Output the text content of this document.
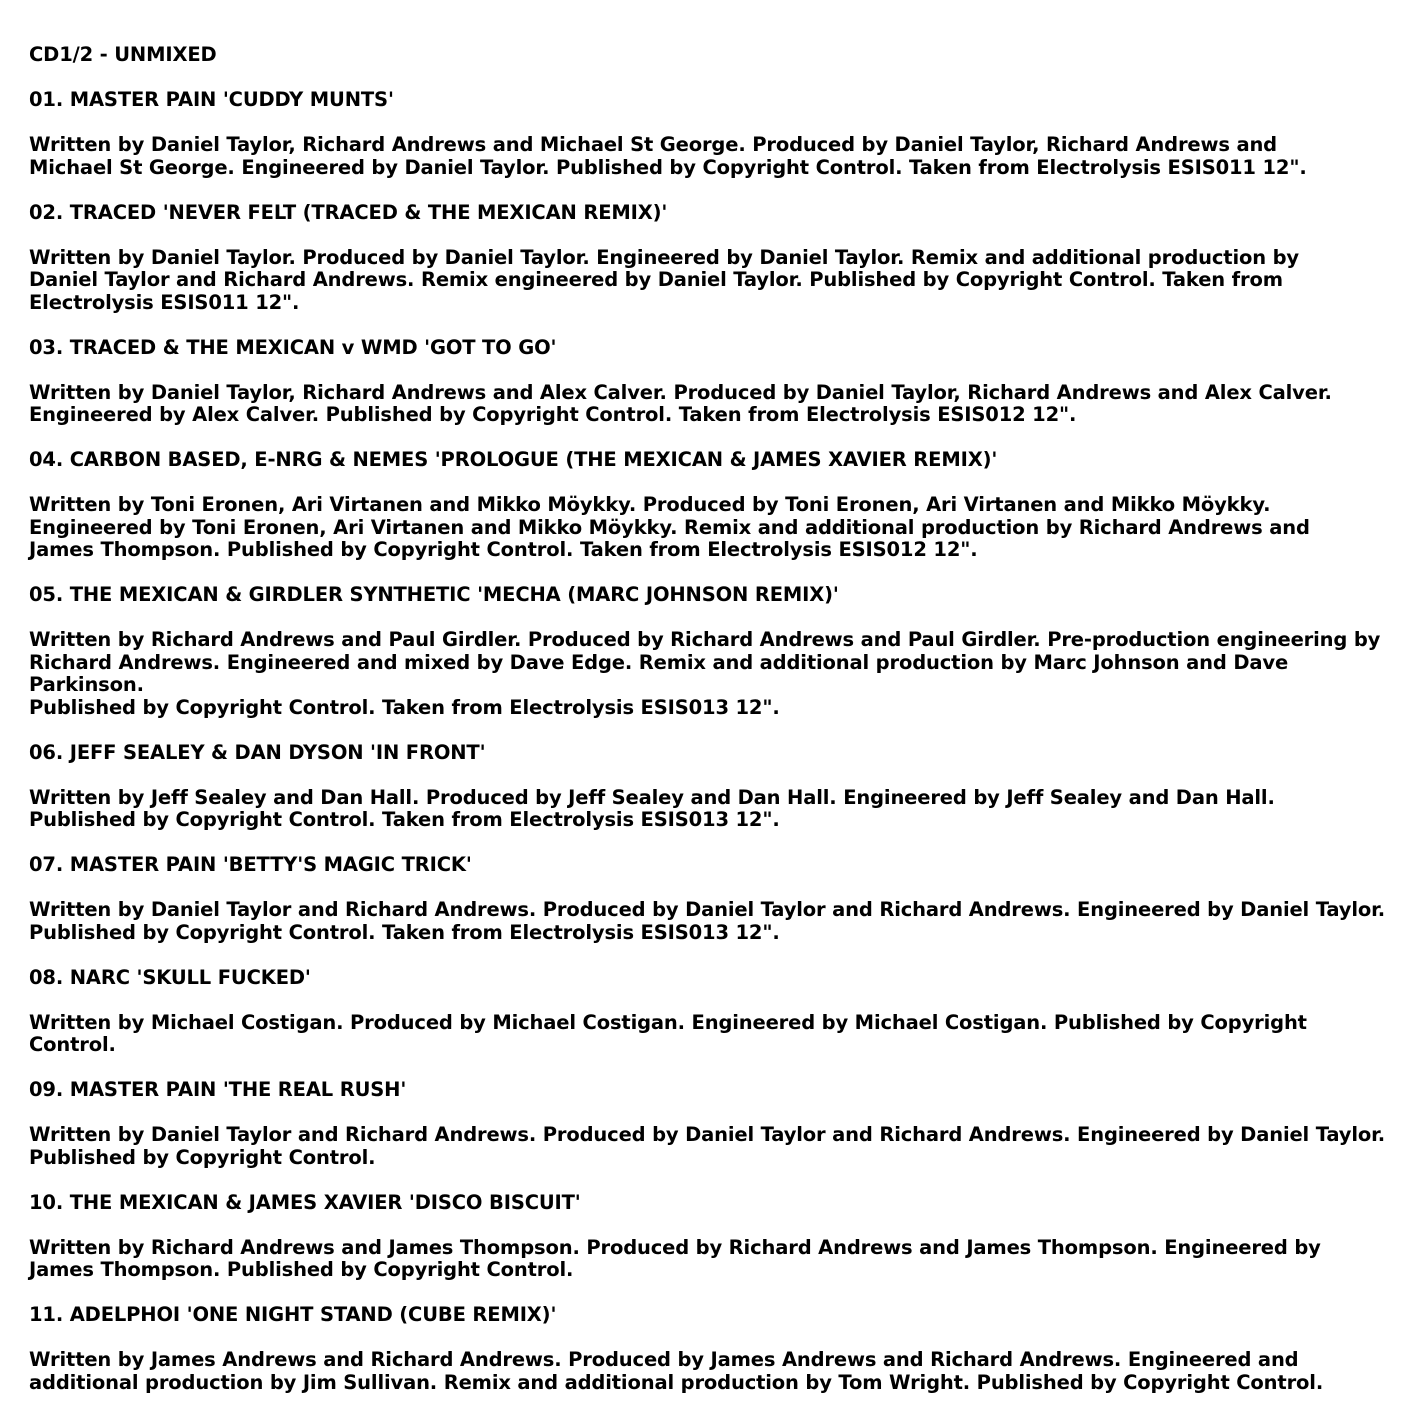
CD1/2 - UNMIXED
01. MASTER PAIN 'CUDDY MUNTS'
Written by Daniel Taylor, Richard Andrews and Michael St George. Produced by Daniel Taylor, Richard Andrews and
Michael St George. Engineered by Daniel Taylor. Published by Copyright Control. Taken from Electrolysis ESIS011 12".
02. TRACED 'NEVER FELT (TRACED & THE MEXICAN REMIX)'
Written by Daniel Taylor. Produced by Daniel Taylor. Engineered by Daniel Taylor. Remix and additional production by
Daniel Taylor and Richard Andrews. Remix engineered by Daniel Taylor. Published by Copyright Control. Taken from
Electrolysis ESIS011 12".
03. TRACED & THE MEXICAN v WMD 'GOT TO GO'
Written by Daniel Taylor, Richard Andrews and Alex Calver. Produced by Daniel Taylor, Richard Andrews and Alex Calver.
Engineered by Alex Calver. Published by Copyright Control. Taken from Electrolysis ESIS012 12".
04. CARBON BASED, E-NRG & NEMES 'PROLOGUE (THE MEXICAN & JAMES XAVIER REMIX)'
Written by Toni Eronen, Ari Virtanen and Mikko Möykky. Produced by Toni Eronen, Ari Virtanen and Mikko Möykky.
Engineered by Toni Eronen, Ari Virtanen and Mikko Möykky. Remix and additional production by Richard Andrews and
James Thompson. Published by Copyright Control. Taken from Electrolysis ESIS012 12".
05. THE MEXICAN & GIRDLER SYNTHETIC 'MECHA (MARC JOHNSON REMIX)'
Written by Richard Andrews and Paul Girdler. Produced by Richard Andrews and Paul Girdler. Pre-production engineering by
Richard Andrews. Engineered and mixed by Dave Edge. Remix and additional production by Marc Johnson and Dave Parkinson.
Published by Copyright Control. Taken from Electrolysis ESIS013 12".
06. JEFF SEALEY & DAN DYSON 'IN FRONT'
Written by Jeff Sealey and Dan Hall. Produced by Jeff Sealey and Dan Hall. Engineered by Jeff Sealey and Dan Hall.
Published by Copyright Control. Taken from Electrolysis ESIS013 12".
07. MASTER PAIN 'BETTY'S MAGIC TRICK'
Written by Daniel Taylor and Richard Andrews. Produced by Daniel Taylor and Richard Andrews. Engineered by Daniel Taylor.
Published by Copyright Control. Taken from Electrolysis ESIS013 12".
08. NARC 'SKULL FUCKED'
Written by Michael Costigan. Produced by Michael Costigan. Engineered by Michael Costigan. Published by Copyright Control.
09. MASTER PAIN 'THE REAL RUSH'
Written by Daniel Taylor and Richard Andrews. Produced by Daniel Taylor and Richard Andrews. Engineered by Daniel Taylor.
Published by Copyright Control.
10. THE MEXICAN & JAMES XAVIER 'DISCO BISCUIT'
Written by Richard Andrews and James Thompson. Produced by Richard Andrews and James Thompson. Engineered by
James Thompson. Published by Copyright Control.
11. ADELPHOI 'ONE NIGHT STAND (CUBE REMIX)'
Written by James Andrews and Richard Andrews. Produced by James Andrews and Richard Andrews. Engineered and
additional production by Jim Sullivan. Remix and additional production by Tom Wright. Published by Copyright Control.
